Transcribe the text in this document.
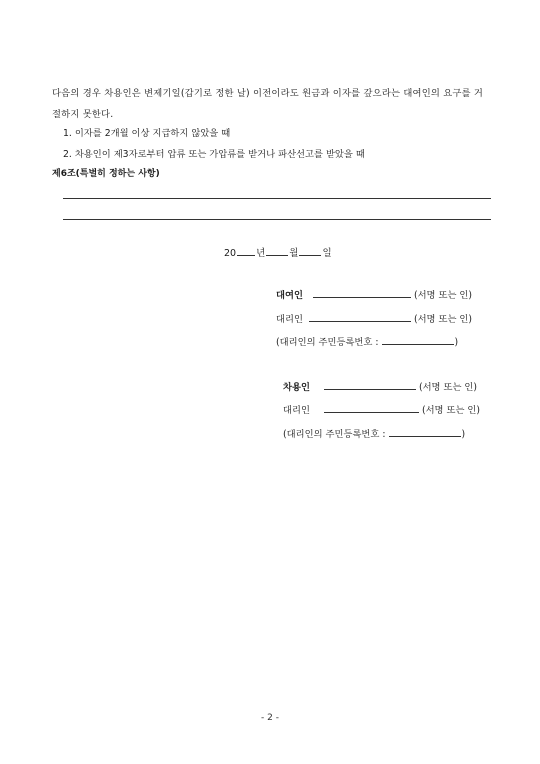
다음의 경우 차용인은 변제기일(갑기로 정한 날) 이전이라도 원금과 이자를 갚으라는 대여인의 요구를 거절하지 못한다.

1. 이자를 2개월 이상 지급하지 않았을 때

2. 차용인이 제3자로부터 압류 또는 가압류를 받거나 파산선고를 받았을 때

제6조(특별히 정하는 사항)

20 년	월	일
대여인	(서명 또는 인)
대리인	(서명 또는 인)
(대리인의 주민등록번호 :	)
차용인	(서명 또는 인)
대리인	(서명 또는 인)
(대리인의 주민등록번호 :	)
- 2 -
